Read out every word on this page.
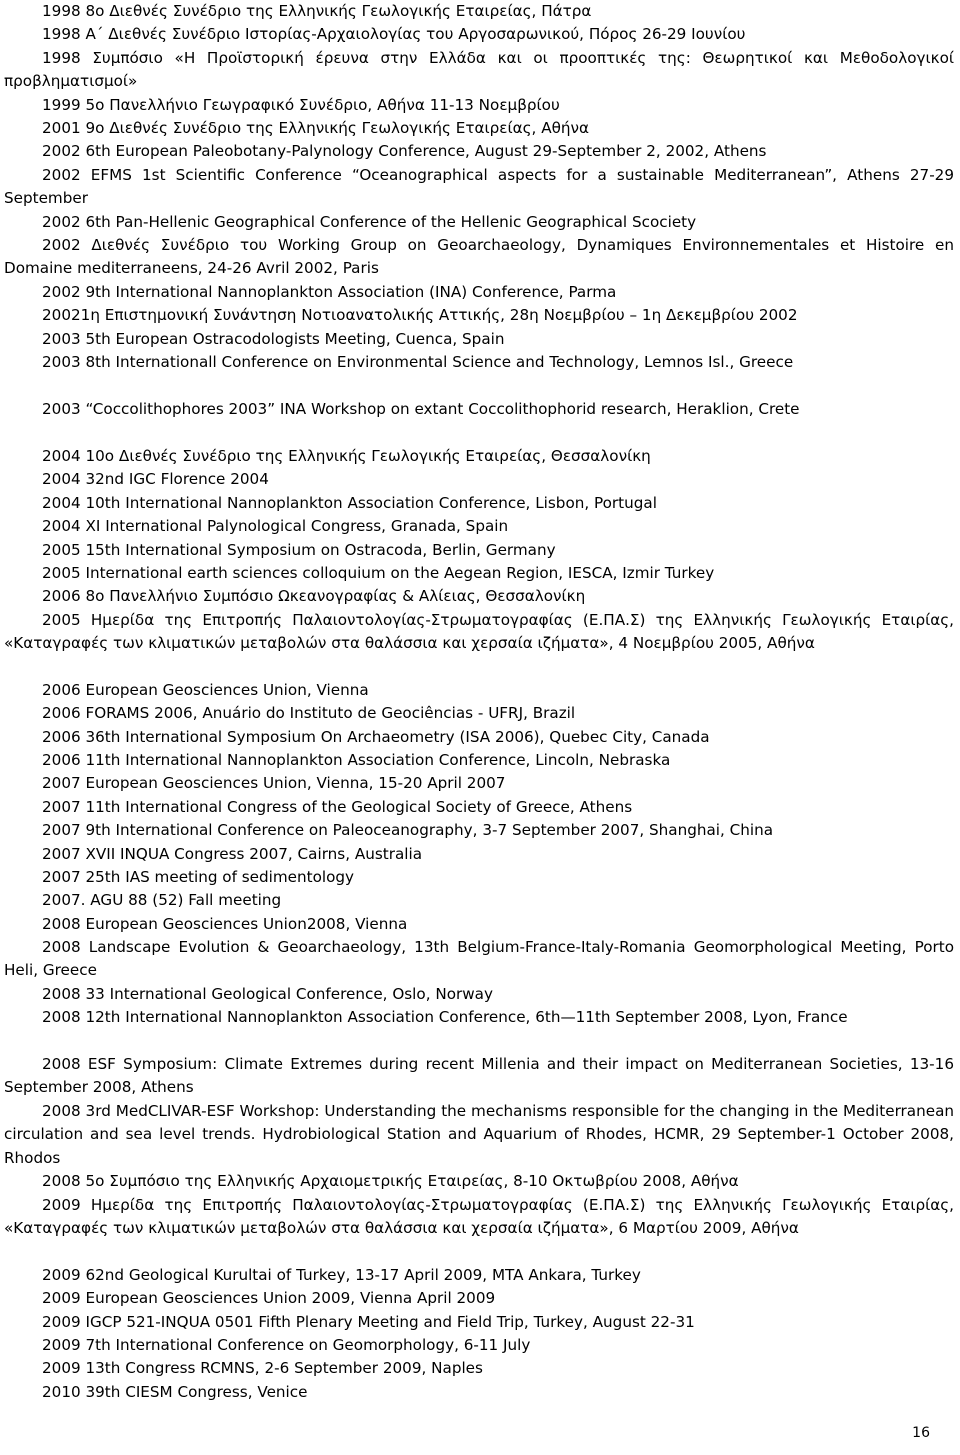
1998 8ο Διεθνές Συνέδριο της Ελληνικής Γεωλογικής Εταιρείας, Πάτρα
1998 Α΄ Διεθνές Συνέδριο Ιστορίας-Αρχαιολογίας του Αργοσαρωνικού, Πόρος 26-29 Ιουνίου
1998 Συμπόσιο «Η Προϊστορική έρευνα στην Ελλάδα και οι προοπτικές της: Θεωρητικοί και Μεθοδολογικοί προβληματισμοί»
1999 5ο Πανελλήνιο Γεωγραφικό Συνέδριο, Αθήνα 11-13 Νοεμβρίου
2001 9ο Διεθνές Συνέδριο της Ελληνικής Γεωλογικής Εταιρείας, Αθήνα
2002 6th European Paleobotany-Palynology Conference, August 29-September 2, 2002, Athens
2002 EFMS 1st Scientific Conference “Oceanographical aspects for a sustainable Mediterranean”, Athens 27-29 September
2002 6th Pan-Hellenic Geographical Conference of the Hellenic Geographical Scociety
2002 Διεθνές Συνέδριο του Working Group on Geoarchaeology, Dynamiques Environnementales et Histoire en Domaine mediterraneens, 24-26 Avril 2002, Paris
2002 9th International Nannoplankton Association (INA) Conference, Parma
20021η Επιστημονική Συνάντηση Νοτιοανατολικής Αττικής, 28η Νοεμβρίου – 1η Δεκεμβρίου 2002
2003 5th European Ostracodologists Meeting, Cuenca, Spain
2003 8th Internationall Conference on Environmental Science and Technology, Lemnos Isl., Greece
2003 “Coccolithophores 2003” INA Workshop on extant Coccolithophorid research, Heraklion, Crete
2004 10ο Διεθνές Συνέδριο της Ελληνικής Γεωλογικής Εταιρείας, Θεσσαλονίκη
2004 32nd IGC Florence 2004
2004 10th International Nannoplankton Association Conference, Lisbon, Portugal
2004 XI International Palynological Congress, Granada, Spain
2005 15th International Symposium on Ostracoda, Berlin, Germany
2005 International earth sciences colloquium on the Aegean Region, IESCA, Izmir Turkey
2006 8ο Πανελλήνιο Συμπόσιο Ωκεανογραφίας & Αλίειας, Θεσσαλονίκη
2005 Ημερίδα της Επιτροπής Παλαιοντολογίας-Στρωματογραφίας (Ε.ΠΑ.Σ) της Ελληνικής Γεωλογικής Εταιρίας, «Καταγραφές των κλιματικών μεταβολών στα θαλάσσια και χερσαία ιζήματα», 4 Νοεμβρίου 2005, Αθήνα
2006 European Geosciences Union, Vienna
2006 FORAMS 2006, Anuário do Instituto de Geociências - UFRJ, Brazil
2006 36th International Symposium On Archaeometry (ISA 2006), Quebec City, Canada
2006 11th International Nannoplankton Association Conference, Lincoln, Nebraska
2007 European Geosciences Union, Vienna, 15-20 April 2007
2007 11th International Congress of the Geological Society of Greece, Athens
2007 9th International Conference on Paleoceanography, 3-7 September 2007, Shanghai, China
2007 XVII INQUA Congress 2007, Cairns, Australia
2007 25th IAS meeting of sedimentology
2007. AGU 88 (52) Fall meeting
2008 European Geosciences Union2008, Vienna
2008 Landscape Evolution & Geoarchaeology, 13th Belgium-France-Italy-Romania Geomorphological Meeting, Porto Heli, Greece
2008 33 International Geological Conference, Oslo, Norway
2008 12th International Nannoplankton Association Conference, 6th—11th September 2008, Lyon, France
2008 ESF Symposium: Climate Extremes during recent Millenia and their impact on Mediterranean Societies, 13-16 September 2008, Athens
2008 3rd MedCLIVAR-ESF Workshop: Understanding the mechanisms responsible for the changing in the Mediterranean circulation and sea level trends. Hydrobiological Station and Aquarium of Rhodes, HCMR, 29 September-1 October 2008, Rhodos
2008 5ο Συμπόσιο της Ελληνικής Αρχαιομετρικής Εταιρείας, 8-10 Οκτωβρίου 2008, Αθήνα
2009 Ημερίδα της Επιτροπής Παλαιοντολογίας-Στρωματογραφίας (Ε.ΠΑ.Σ) της Ελληνικής Γεωλογικής Εταιρίας, «Καταγραφές των κλιματικών μεταβολών στα θαλάσσια και χερσαία ιζήματα», 6 Μαρτίου 2009, Αθήνα
2009 62nd Geological Kurultai of Turkey, 13-17 April 2009, MTA Ankara, Turkey
2009 European Geosciences Union 2009, Vienna April 2009
2009 IGCP 521-INQUA 0501 Fifth Plenary Meeting and Field Trip, Turkey, August 22-31
2009 7th International Conference on Geomorphology, 6-11 July
2009 13th Congress RCMNS, 2-6 September 2009, Naples
2010 39th CIESM Congress, Venice
16
